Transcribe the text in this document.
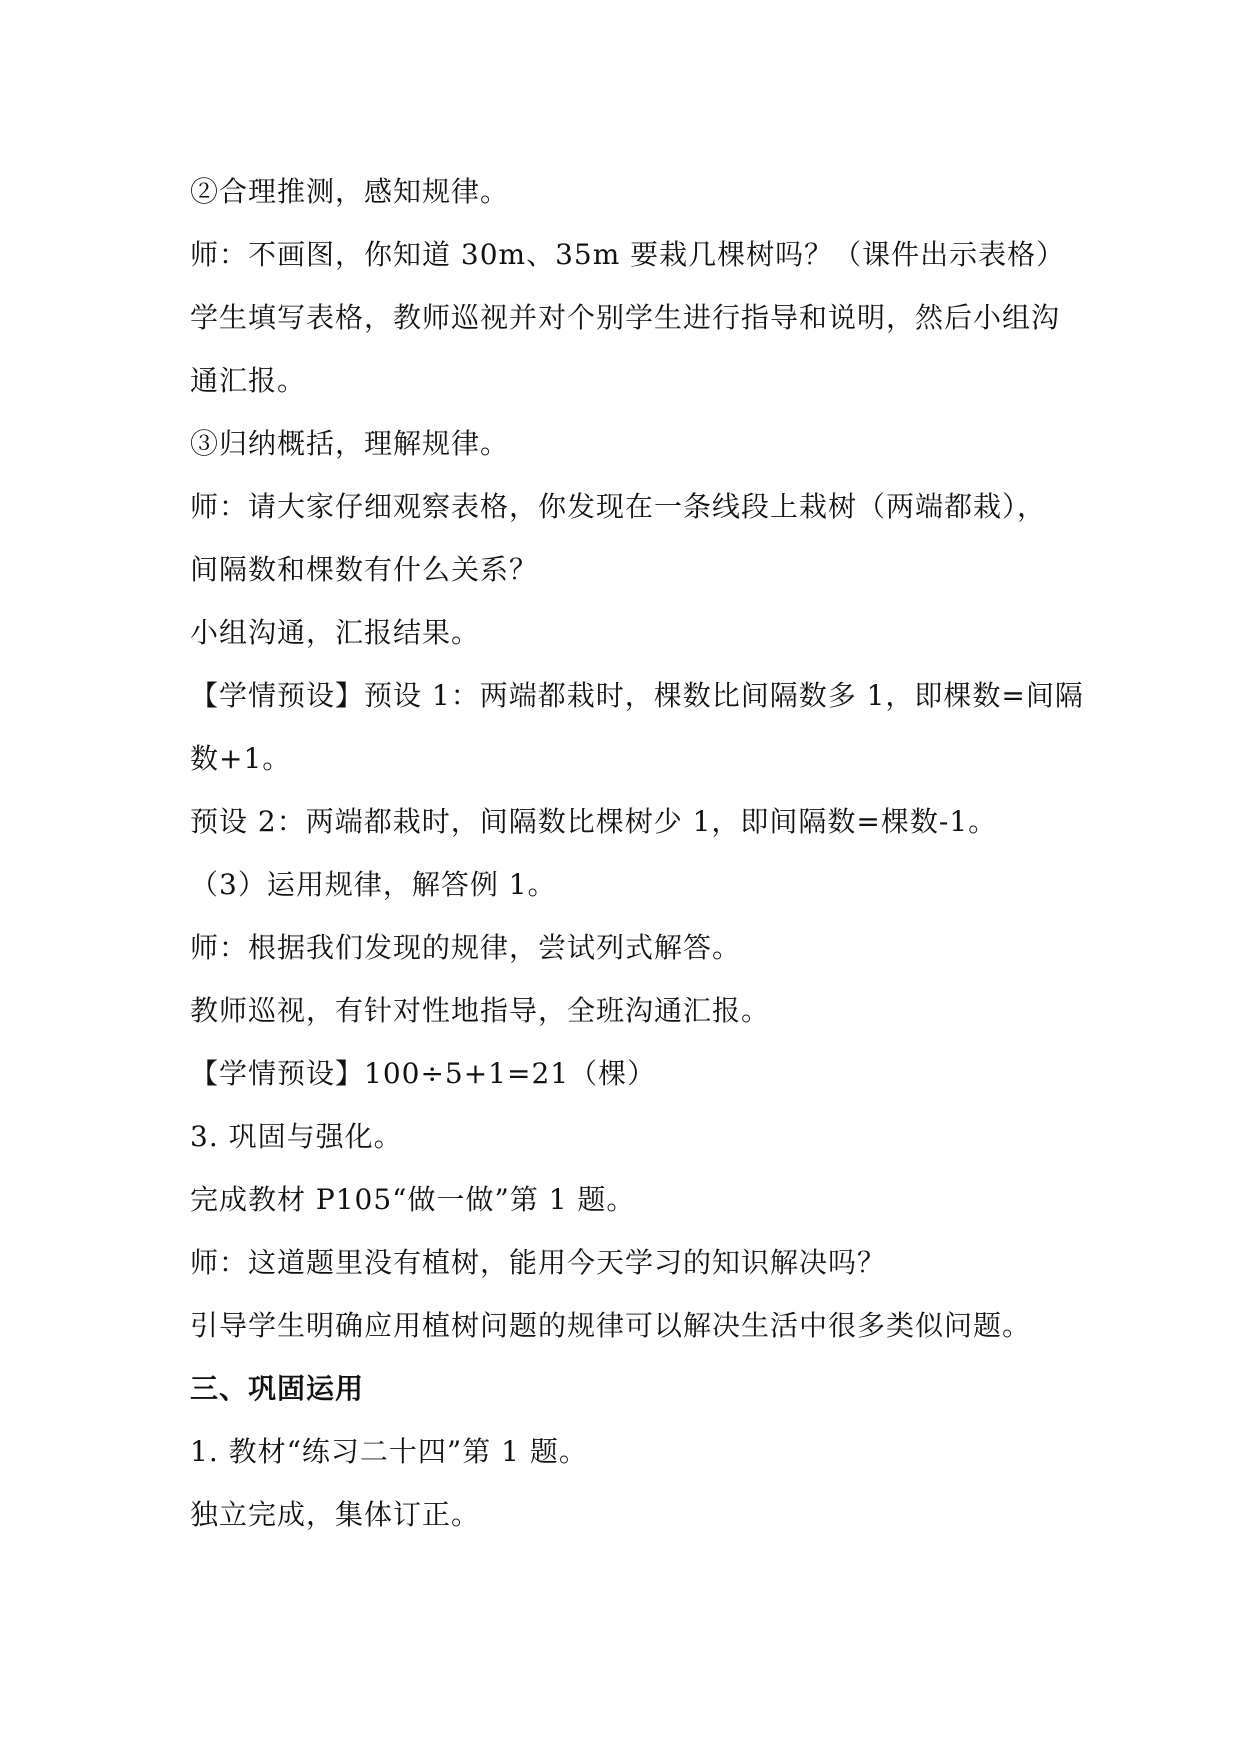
②合理推测，感知规律。
师：不画图，你知道 30m、35m 要栽几棵树吗？（课件出示表格）
学生填写表格，教师巡视并对个别学生进行指导和说明，然后小组沟
通汇报。
③归纳概括，理解规律。
师：请大家仔细观察表格，你发现在一条线段上栽树（两端都栽），
间隔数和棵数有什么关系？
小组沟通，汇报结果。
【学情预设】预设 1：两端都栽时，棵数比间隔数多 1，即棵数=间隔
数+1。
预设 2：两端都栽时，间隔数比棵树少 1，即间隔数=棵数-1。
（3）运用规律，解答例 1。
师：根据我们发现的规律，尝试列式解答。
教师巡视，有针对性地指导，全班沟通汇报。
【学情预设】100÷5+1=21（棵）
3. 巩固与强化。
完成教材 P105“做一做”第 1 题。
师：这道题里没有植树，能用今天学习的知识解决吗？
引导学生明确应用植树问题的规律可以解决生活中很多类似问题。
三、巩固运用
1. 教材“练习二十四”第 1 题。
独立完成，集体订正。
